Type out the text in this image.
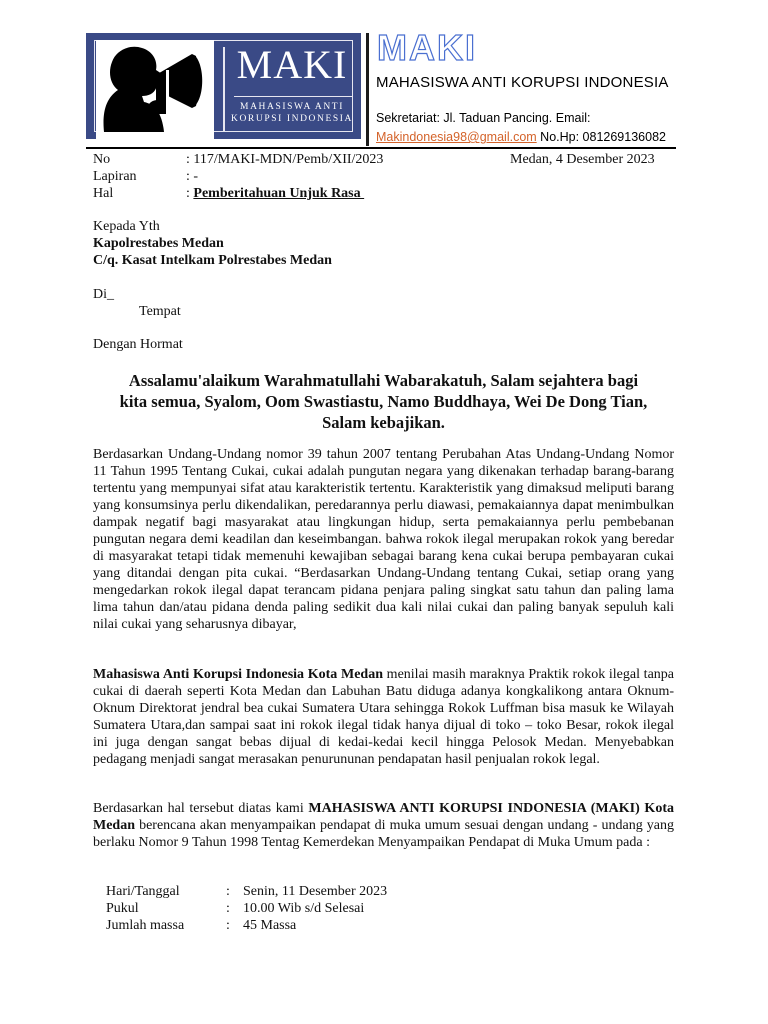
MAKI
MAHASISWA ANTI
KORUPSI INDONESIA
MAKI
MAHASISWA ANTI KORUPSI INDONESIA
Sekretariat: Jl. Taduan Pancing. Email:
Makindonesia98@gmail.com No.Hp: 081269136082
No	: 117/MAKI-MDN/Pemb/XII/2023	Medan, 4 Desember 2023
Lapiran	: -
Hal	: Pemberitahuan Unjuk Rasa
Kepada Yth
Kapolrestabes Medan
C/q. Kasat Intelkam Polrestabes Medan
Di_
Tempat
Dengan Hormat
Assalamu'alaikum Warahmatullahi Wabarakatuh, Salam sejahtera bagi
kita semua, Syalom, Oom Swastiastu, Namo Buddhaya, Wei De Dong Tian,
Salam kebajikan.
Berdasarkan Undang-Undang nomor 39 tahun 2007 tentang Perubahan Atas Undang-Undang Nomor 11 Tahun 1995 Tentang Cukai, cukai adalah pungutan negara yang dikenakan terhadap barang-barang tertentu yang mempunyai sifat atau karakteristik tertentu. Karakteristik yang dimaksud meliputi barang yang konsumsinya perlu dikendalikan, peredarannya perlu diawasi, pemakaiannya dapat menimbulkan dampak negatif bagi masyarakat atau lingkungan hidup, serta pemakaiannya perlu pembebanan pungutan negara demi keadilan dan keseimbangan. bahwa rokok ilegal merupakan rokok yang beredar di masyarakat tetapi tidak memenuhi kewajiban sebagai barang kena cukai berupa pembayaran cukai yang ditandai dengan pita cukai. “Berdasarkan Undang-Undang tentang Cukai, setiap orang yang mengedarkan rokok ilegal dapat terancam pidana penjara paling singkat satu tahun dan paling lama lima tahun dan/atau pidana denda paling sedikit dua kali nilai cukai dan paling banyak sepuluh kali nilai cukai yang seharusnya dibayar,
Mahasiswa Anti Korupsi Indonesia Kota Medan menilai masih maraknya Praktik rokok ilegal tanpa cukai di daerah seperti Kota Medan dan Labuhan Batu diduga adanya kongkalikong antara Oknum-Oknum Direktorat jendral bea cukai Sumatera Utara sehingga Rokok Luffman bisa masuk ke Wilayah Sumatera Utara,dan sampai saat ini rokok ilegal tidak hanya dijual di toko – toko Besar, rokok ilegal ini juga dengan sangat bebas dijual di kedai-kedai kecil hingga Pelosok Medan. Menyebabkan pedagang menjadi sangat merasakan penurununan pendapatan hasil penjualan rokok legal.
Berdasarkan hal tersebut diatas kami MAHASISWA ANTI KORUPSI INDONESIA (MAKI) Kota Medan berencana akan menyampaikan pendapat di muka umum sesuai dengan undang - undang yang berlaku Nomor 9 Tahun 1998 Tentag Kemerdekan Menyampaikan Pendapat di Muka Umum pada :
Hari/Tanggal	: Senin, 11 Desember 2023
Pukul	: 10.00 Wib s/d Selesai
Jumlah massa	: 45 Massa
